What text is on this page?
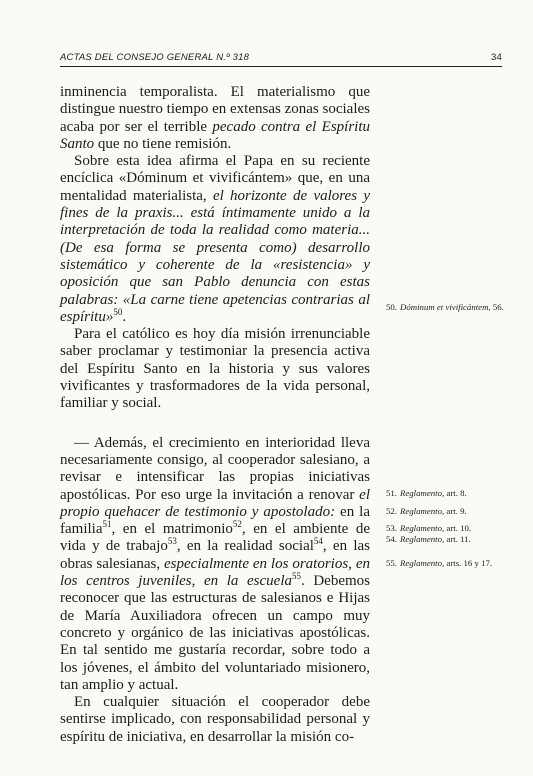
ACTAS DEL CONSEJO GENERAL N.º 318	34

inminencia temporalista. El materialismo que distingue nuestro tiempo en extensas zonas sociales acaba por ser el terrible pecado contra el Espíritu Santo que no tiene remisión.

Sobre esta idea afirma el Papa en su reciente encíclica «Dóminum et vivificántem» que, en una mentalidad materialista, el horizonte de valores y fines de la praxis... está íntimamente unido a la interpretación de toda la realidad como materia... (De esa forma se presenta como) desarrollo sistemático y coherente de la «resistencia» y oposición que san Pablo denuncia con estas palabras: «La carne tiene apetencias contrarias al espíritu»$^{50}$.

Para el católico es hoy día misión irrenunciable saber proclamar y testimoniar la presencia activa del Espíritu Santo en la historia y sus valores vivificantes y trasformadores de la vida personal, familiar y social.

— Además, el crecimiento en interioridad lleva necesariamente consigo, al cooperador salesiano, a revisar e intensificar las propias iniciativas apostólicas. Por eso urge la invitación a renovar el propio quehacer de testimonio y apostolado: en la familia$^{51}$, en el matrimonio$^{52}$, en el ambiente de vida y de trabajo$^{53}$, en la realidad social$^{54}$, en las obras salesianas, especialmente en los oratorios, en los centros juveniles, en la escuela$^{55}$. Debemos reconocer que las estructuras de salesianos e Hijas de María Auxiliadora ofrecen un campo muy concreto y orgánico de las iniciativas apostólicas. En tal sentido me gustaría recordar, sobre todo a los jóvenes, el ámbito del voluntariado misionero, tan amplio y actual.

En cualquier situación el cooperador debe sentirse implicado, con responsabilidad personal y espíritu de iniciativa, en desarrollar la misión co-

50. Dóminum et vivificántem, 56.
51. Reglamento, art. 8.
52. Reglamento, art. 9.
53. Reglamento, art. 10.
54. Reglamento, art. 11.
55. Reglamento, arts. 16 y 17.
